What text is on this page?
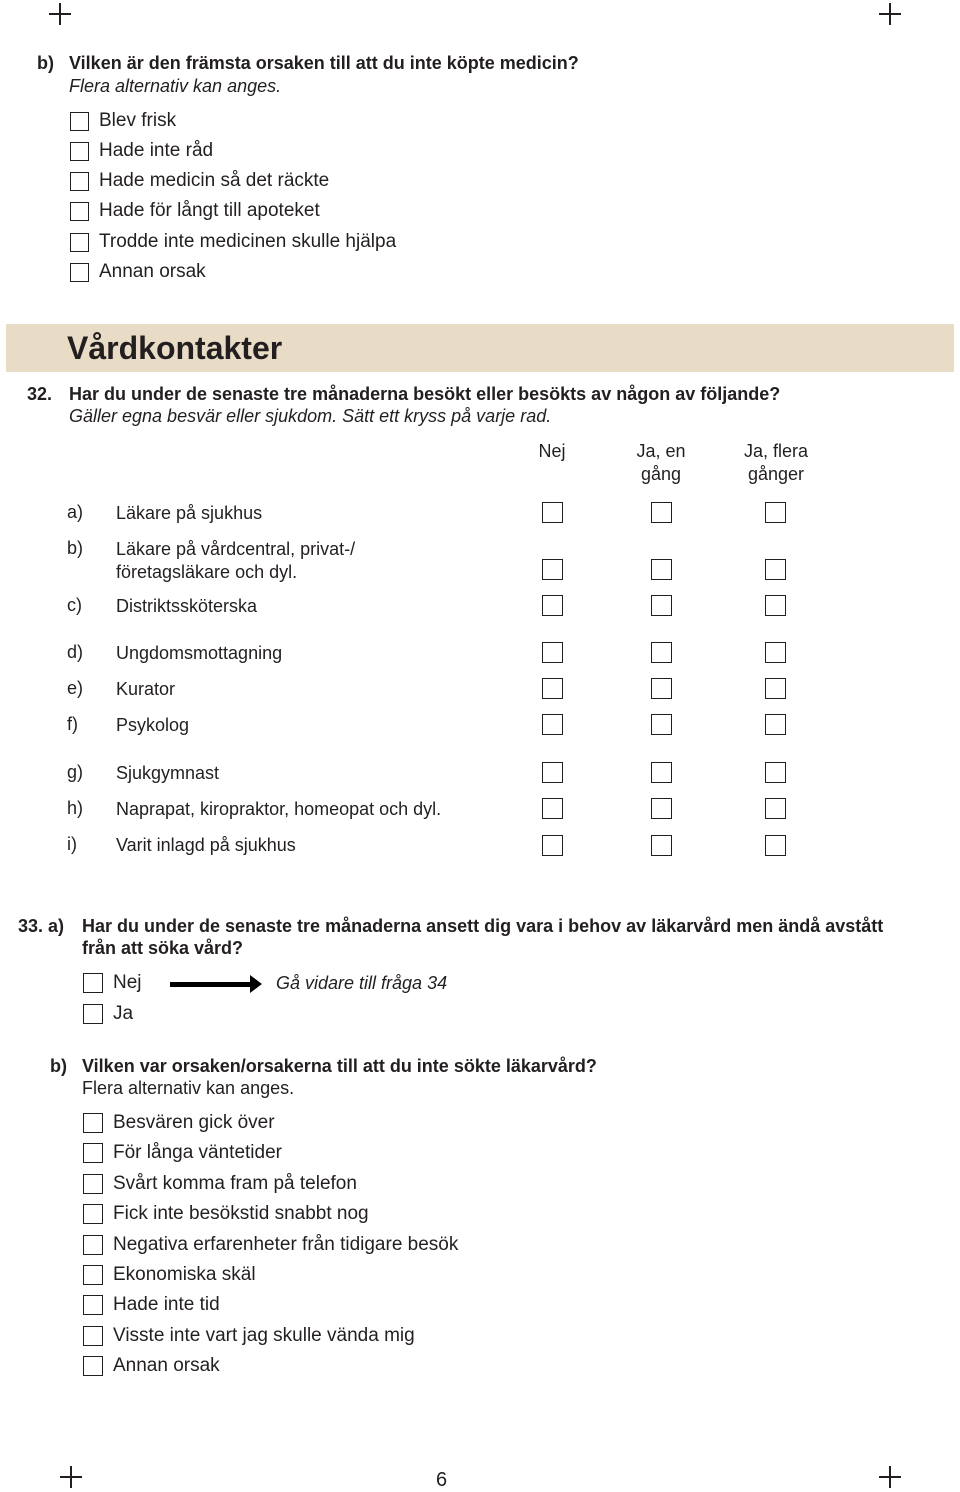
b) Vilken är den främsta orsaken till att du inte köpte medicin?
Flera alternativ kan anges.
Blev frisk
Hade inte råd
Hade medicin så det räckte
Hade för långt till apoteket
Trodde inte medicinen skulle hjälpa
Annan orsak
Vårdkontakter
32. Har du under de senaste tre månaderna besökt eller besökts av någon av följande?
Gäller egna besvär eller sjukdom. Sätt ett kryss på varje rad.
Nej	Ja, en
gång
Ja, flera
gånger
a) Läkare på sjukhus
b) Läkare på vårdcentral, privat-/
företagsläkare och dyl.
c) Distriktssköterska
d) Ungdomsmottagning
e) Kurator
f) Psykolog
g) Sjukgymnast
h) Naprapat, kiropraktor, homeopat och dyl.
i) Varit inlagd på sjukhus
33. a) Har du under de senaste tre månaderna ansett dig vara i behov av läkarvård men ändå avstått
från att söka vård?
Nej	Gå vidare till fråga 34
Ja
b) Vilken var orsaken/orsakerna till att du inte sökte läkarvård?
Flera alternativ kan anges.
Besvären gick över
För långa väntetider
Svårt komma fram på telefon
Fick inte besökstid snabbt nog
Negativa erfarenheter från tidigare besök
Ekonomiska skäl
Hade inte tid
Visste inte vart jag skulle vända mig
Annan orsak
6
